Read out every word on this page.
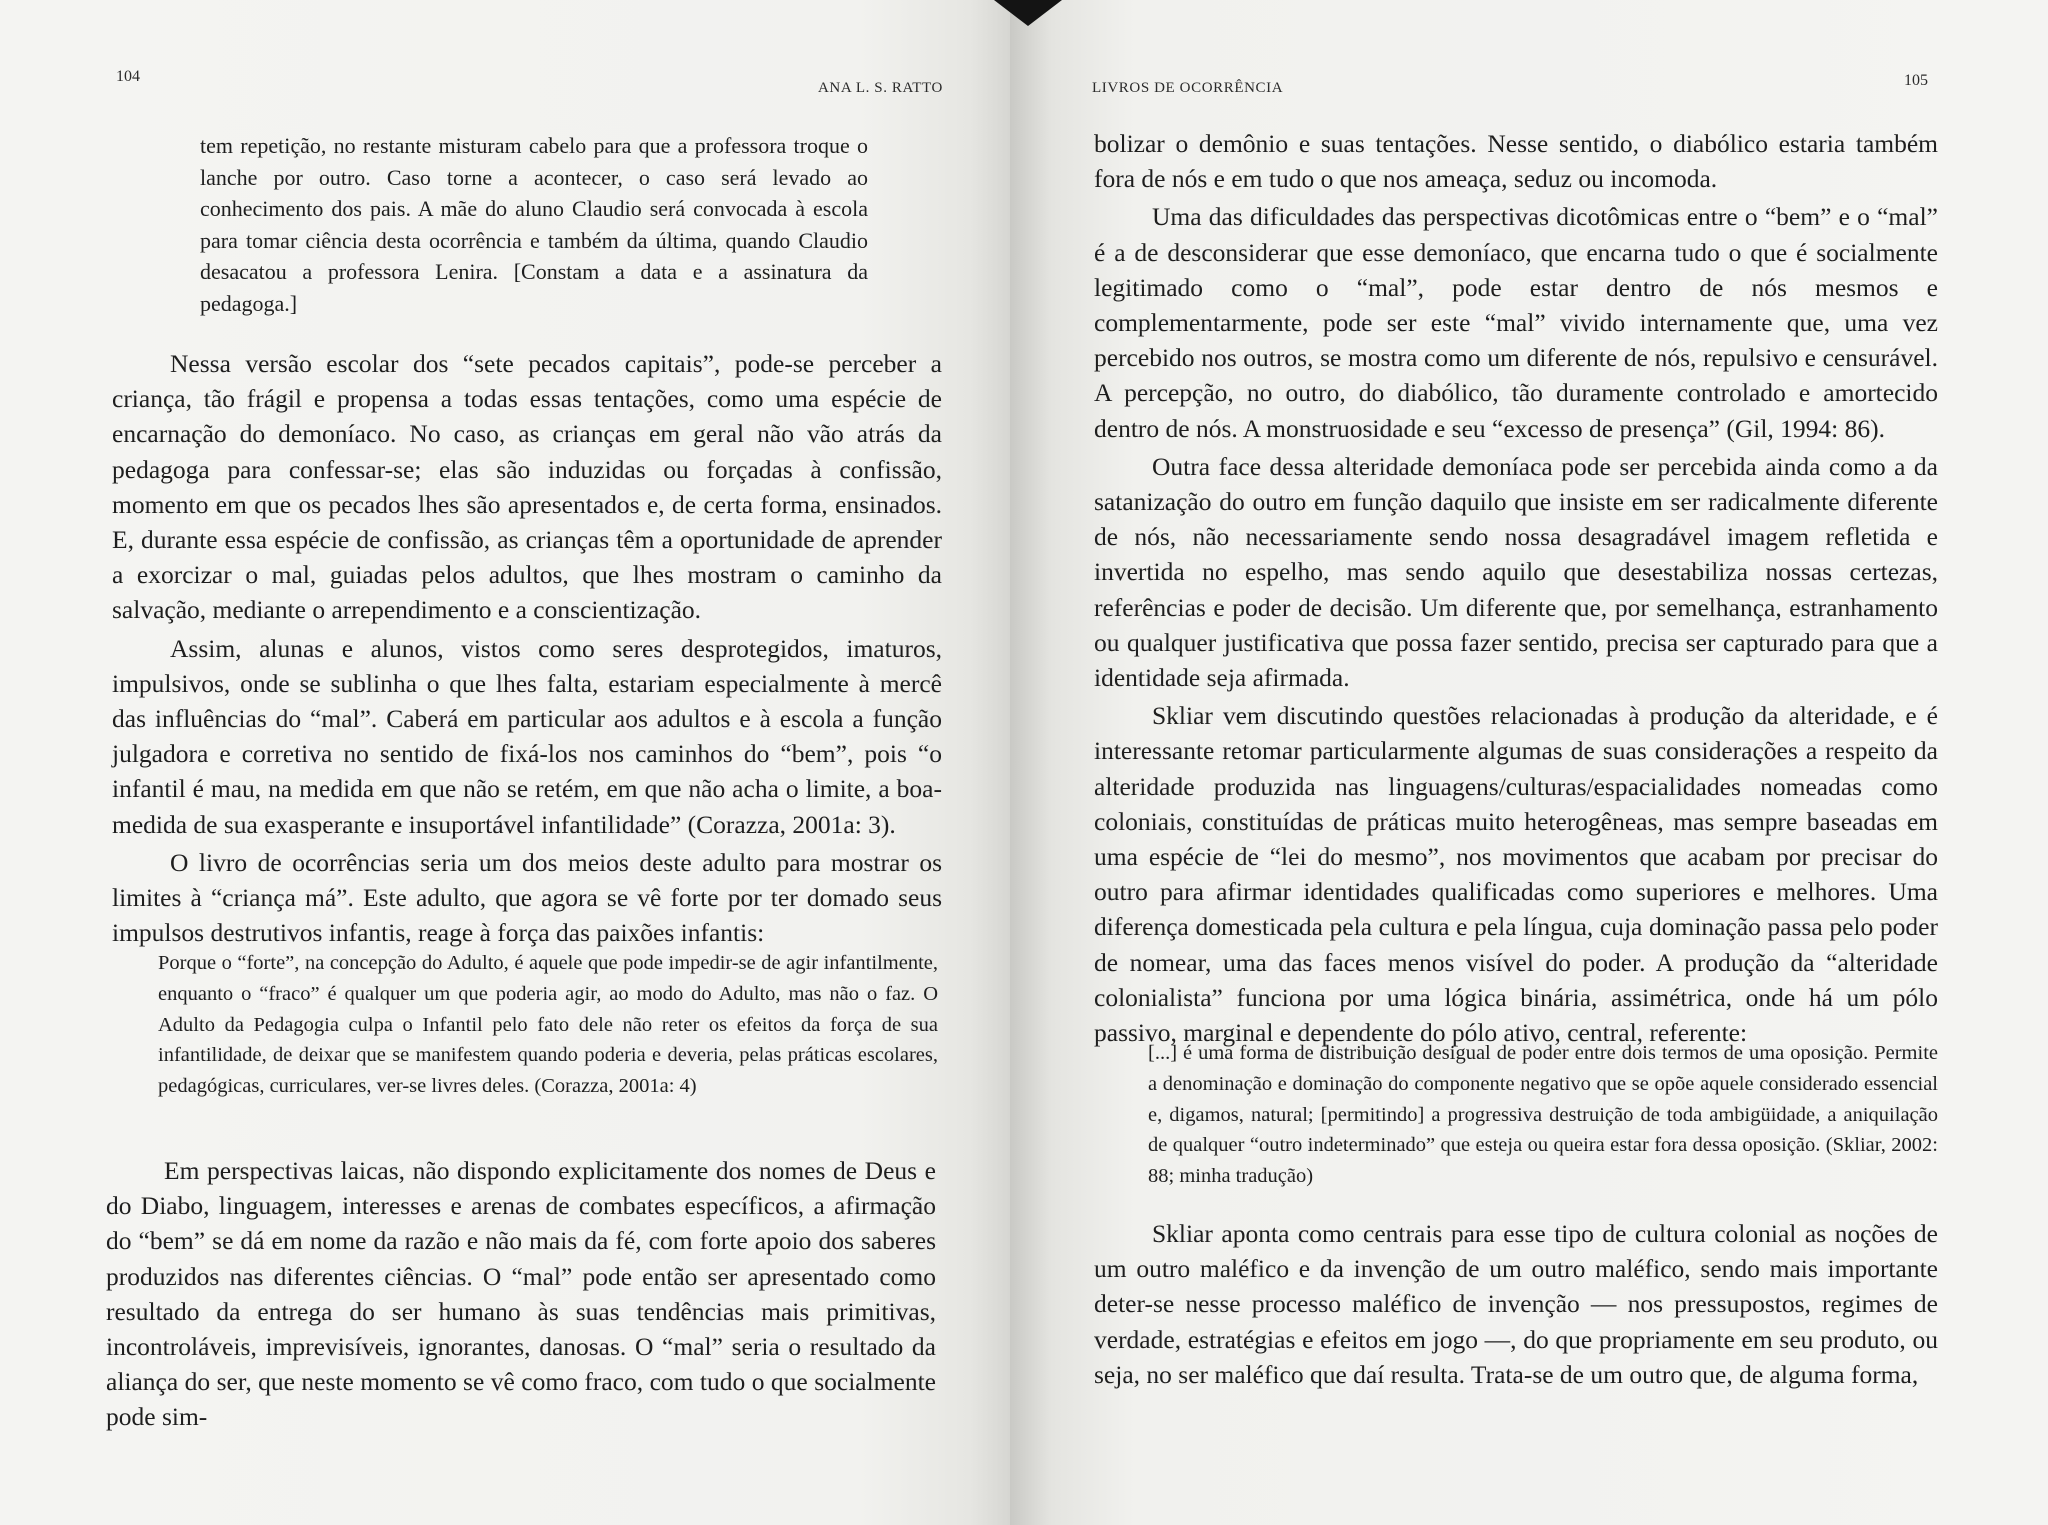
104
ANA L. S. RATTO
tem repetição, no restante misturam cabelo para que a professora troque o lanche por outro. Caso torne a acontecer, o caso será levado ao conhecimento dos pais. A mãe do aluno Claudio será convocada à escola para tomar ciência desta ocorrência e também da última, quando Claudio desacatou a professora Lenira. [Constam a data e a assinatura da pedagoga.]

Nessa versão escolar dos “sete pecados capitais”, pode-se perceber a criança, tão frágil e propensa a todas essas tentações, como uma espécie de encarnação do demoníaco. No caso, as crianças em geral não vão atrás da pedagoga para confessar-se; elas são induzidas ou forçadas à confissão, momento em que os pecados lhes são apresentados e, de certa forma, ensinados. E, durante essa espécie de confissão, as crianças têm a oportunidade de aprender a exorcizar o mal, guiadas pelos adultos, que lhes mostram o caminho da salvação, mediante o arrependimento e a conscientização.

Assim, alunas e alunos, vistos como seres desprotegidos, imaturos, impulsivos, onde se sublinha o que lhes falta, estariam especialmente à mercê das influências do “mal”. Caberá em particular aos adultos e à escola a função julgadora e corretiva no sentido de fixá-los nos caminhos do “bem”, pois “o infantil é mau, na medida em que não se retém, em que não acha o limite, a boa-medida de sua exasperante e insuportável infantilidade” (Corazza, 2001a: 3).

O livro de ocorrências seria um dos meios deste adulto para mostrar os limites à “criança má”. Este adulto, que agora se vê forte por ter domado seus impulsos destrutivos infantis, reage à força das paixões infantis:

Porque o “forte”, na concepção do Adulto, é aquele que pode impedir-se de agir infantilmente, enquanto o “fraco” é qualquer um que poderia agir, ao modo do Adulto, mas não o faz. O Adulto da Pedagogia culpa o Infantil pelo fato dele não reter os efeitos da força de sua infantilidade, de deixar que se manifestem quando poderia e deveria, pelas práticas escolares, pedagógicas, curriculares, ver-se livres deles. (Corazza, 2001a: 4)

Em perspectivas laicas, não dispondo explicitamente dos nomes de Deus e do Diabo, linguagem, interesses e arenas de combates específicos, a afirmação do “bem” se dá em nome da razão e não mais da fé, com forte apoio dos saberes produzidos nas diferentes ciências. O “mal” pode então ser apresentado como resultado da entrega do ser humano às suas tendências mais primitivas, incontroláveis, imprevisíveis, ignorantes, danosas. O “mal” seria o resultado da aliança do ser, que neste momento se vê como fraco, com tudo o que socialmente pode sim-

LIVROS DE OCORRÊNCIA	105

bolizar o demônio e suas tentações. Nesse sentido, o diabólico estaria também fora de nós e em tudo o que nos ameaça, seduz ou incomoda.

Uma das dificuldades das perspectivas dicotômicas entre o “bem” e o “mal” é a de desconsiderar que esse demoníaco, que encarna tudo o que é socialmente legitimado como o “mal”, pode estar dentro de nós mesmos e complementarmente, pode ser este “mal” vivido internamente que, uma vez percebido nos outros, se mostra como um diferente de nós, repulsivo e censurável. A percepção, no outro, do diabólico, tão duramente controlado e amortecido dentro de nós. A monstruosidade e seu “excesso de presença” (Gil, 1994: 86).

Outra face dessa alteridade demoníaca pode ser percebida ainda como a da satanização do outro em função daquilo que insiste em ser radicalmente diferente de nós, não necessariamente sendo nossa desagradável imagem refletida e invertida no espelho, mas sendo aquilo que desestabiliza nossas certezas, referências e poder de decisão. Um diferente que, por semelhança, estranhamento ou qualquer justificativa que possa fazer sentido, precisa ser capturado para que a identidade seja afirmada.

Skliar vem discutindo questões relacionadas à produção da alteridade, e é interessante retomar particularmente algumas de suas considerações a respeito da alteridade produzida nas linguagens/culturas/espacialidades nomeadas como coloniais, constituídas de práticas muito heterogêneas, mas sempre baseadas em uma espécie de “lei do mesmo”, nos movimentos que acabam por precisar do outro para afirmar identidades qualificadas como superiores e melhores. Uma diferença domesticada pela cultura e pela língua, cuja dominação passa pelo poder de nomear, uma das faces menos visível do poder. A produção da “alteridade colonialista” funciona por uma lógica binária, assimétrica, onde há um pólo passivo, marginal e dependente do pólo ativo, central, referente:

[...] é uma forma de distribuição desigual de poder entre dois termos de uma oposição. Permite a denominação e dominação do componente negativo que se opõe aquele considerado essencial e, digamos, natural; [permitindo] a progressiva destruição de toda ambigüidade, a aniquilação de qualquer “outro indeterminado” que esteja ou queira estar fora dessa oposição. (Skliar, 2002: 88; minha tradução)

Skliar aponta como centrais para esse tipo de cultura colonial as noções de um outro maléfico e da invenção de um outro maléfico, sendo mais importante deter-se nesse processo maléfico de invenção — nos pressupostos, regimes de verdade, estratégias e efeitos em jogo —, do que propriamente em seu produto, ou seja, no ser maléfico que daí resulta. Trata-se de um outro que, de alguma forma,
